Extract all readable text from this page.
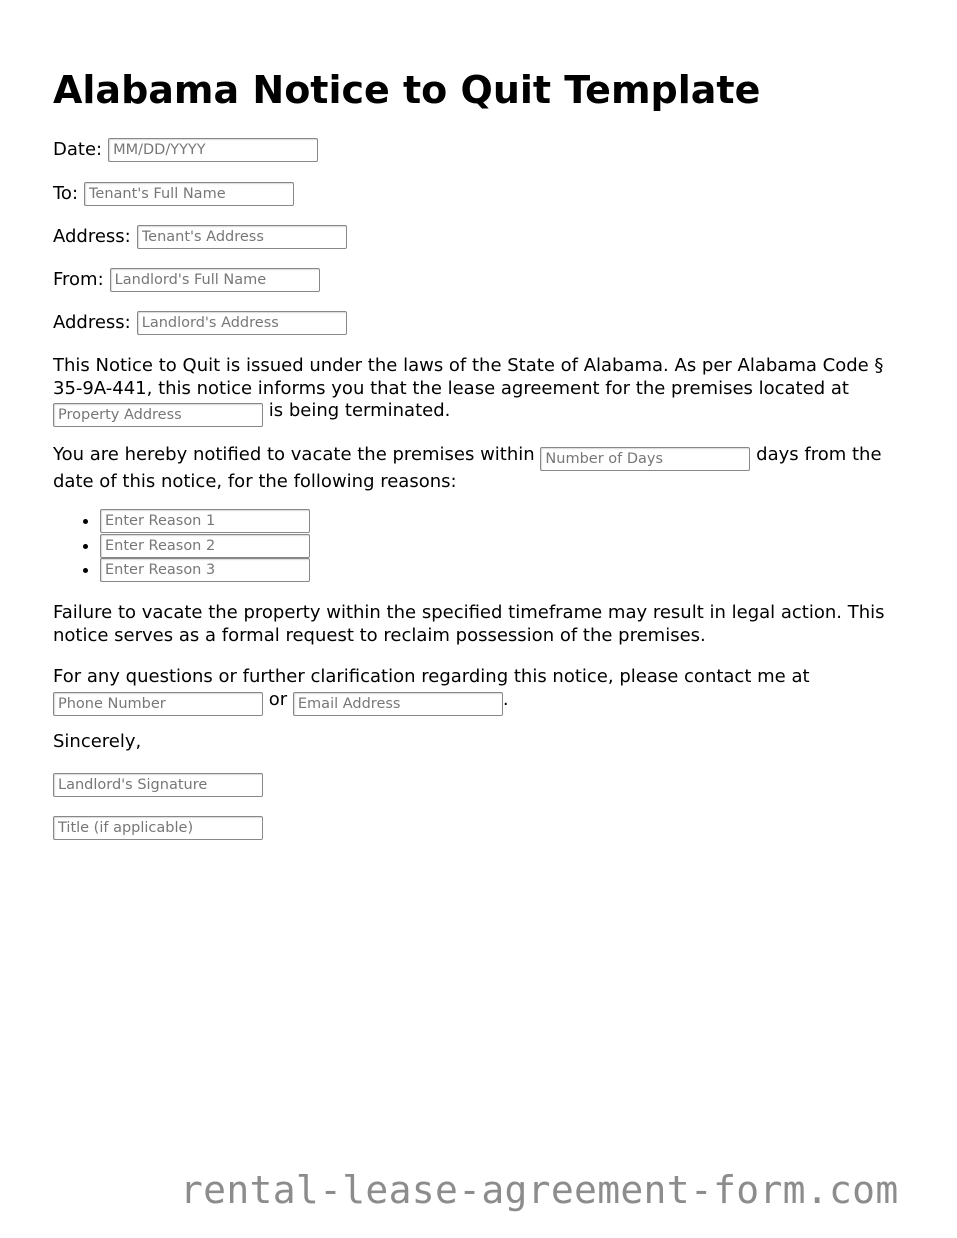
Alabama Notice to Quit Template
Date:MM/DD/YYYY
To:Tenant's Full Name
Address:Tenant's Address
From:Landlord's Full Name
Address:Landlord's Address

This Notice to Quit is issued under the laws of the State of Alabama. As per Alabama Code § 35-9A-441, this notice informs you that the lease agreement for the premises located at Property Address is being terminated.

You are hereby notified to vacate the premises within Number of Days	days from the date of this notice, for the following reasons:

• Enter Reason 1
• Enter Reason 2
• Enter Reason 3

Failure to vacate the property within the specified timeframe may result in legal action. This notice serves as a formal request to reclaim possession of the premises.

For any questions or further clarification regarding this notice, please contact me at Phone Number or Email Address	.

Sincerely,

Landlord's Signature
Title (if applicable)
rental-lease-agreement-form.com
